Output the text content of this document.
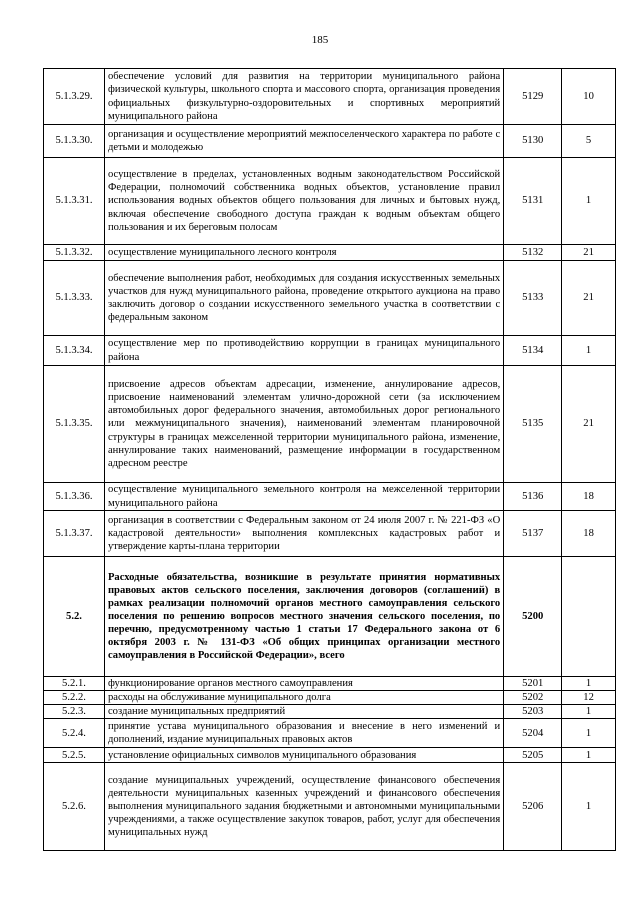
185
5.1.3.29.	обеспечение условий для развития на территории муниципального района физической культуры, школьного спорта и массового спорта, организация проведения официальных физкультурно-оздоровительных и спортивных мероприятий муниципального района	5129	10
5.1.3.30.	организация и осуществление мероприятий межпоселенческого характера по работе с детьми и молодежью	5130	5
5.1.3.31.	осуществление в пределах, установленных водным законодательством Российской Федерации, полномочий собственника водных объектов, установление правил использования водных объектов общего пользования для личных и бытовых нужд, включая обеспечение свободного доступа граждан к водным объектам общего пользования и их береговым полосам	5131	1
5.1.3.32.	осуществление муниципального лесного контроля	5132	21
5.1.3.33.	обеспечение выполнения работ, необходимых для создания искусственных земельных участков для нужд муниципального района, проведение открытого аукциона на право заключить договор о создании искусственного земельного участка в соответствии с федеральным законом	5133	21
5.1.3.34.	осуществление мер по противодействию коррупции в границах муниципального района	5134	1
5.1.3.35.	присвоение адресов объектам адресации, изменение, аннулирование адресов, присвоение наименований элементам улично-дорожной сети (за исключением автомобильных дорог федерального значения, автомобильных дорог регионального или межмуниципального значения), наименований элементам планировочной структуры в границах межселенной территории муниципального района, изменение, аннулирование таких наименований, размещение информации в государственном адресном реестре	5135	21
5.1.3.36.	осуществление муниципального земельного контроля на межселенной территории муниципального района	5136	18
5.1.3.37.	организация в соответствии с Федеральным законом от 24 июля 2007 г. № 221-ФЗ «О кадастровой деятельности» выполнения комплексных кадастровых работ и утверждение карты-плана территории	5137	18
5.2.	Расходные обязательства, возникшие в результате принятия нормативных правовых актов сельского поселения, заключения договоров (соглашений) в рамках реализации полномочий органов местного самоуправления сельского поселения по решению вопросов местного значения сельского поселения, по перечню, предусмотренному частью 1 статьи 17 Федерального закона от 6 октября 2003 г. № 131-ФЗ «Об общих принципах организации местного самоуправления в Российской Федерации», всего	5200	
5.2.1.	функционирование органов местного самоуправления	5201	1
5.2.2.	расходы на обслуживание муниципального долга	5202	12
5.2.3.	создание муниципальных предприятий	5203	1
5.2.4.	принятие устава муниципального образования и внесение в него изменений и дополнений, издание муниципальных правовых актов	5204	1
5.2.5.	установление официальных символов муниципального образования	5205	1
5.2.6.	создание муниципальных учреждений, осуществление финансового обеспечения деятельности муниципальных казенных учреждений и финансового обеспечения выполнения муниципального задания бюджетными и автономными муниципальными учреждениями, а также осуществление закупок товаров, работ, услуг для обеспечения муниципальных нужд	5206	1
